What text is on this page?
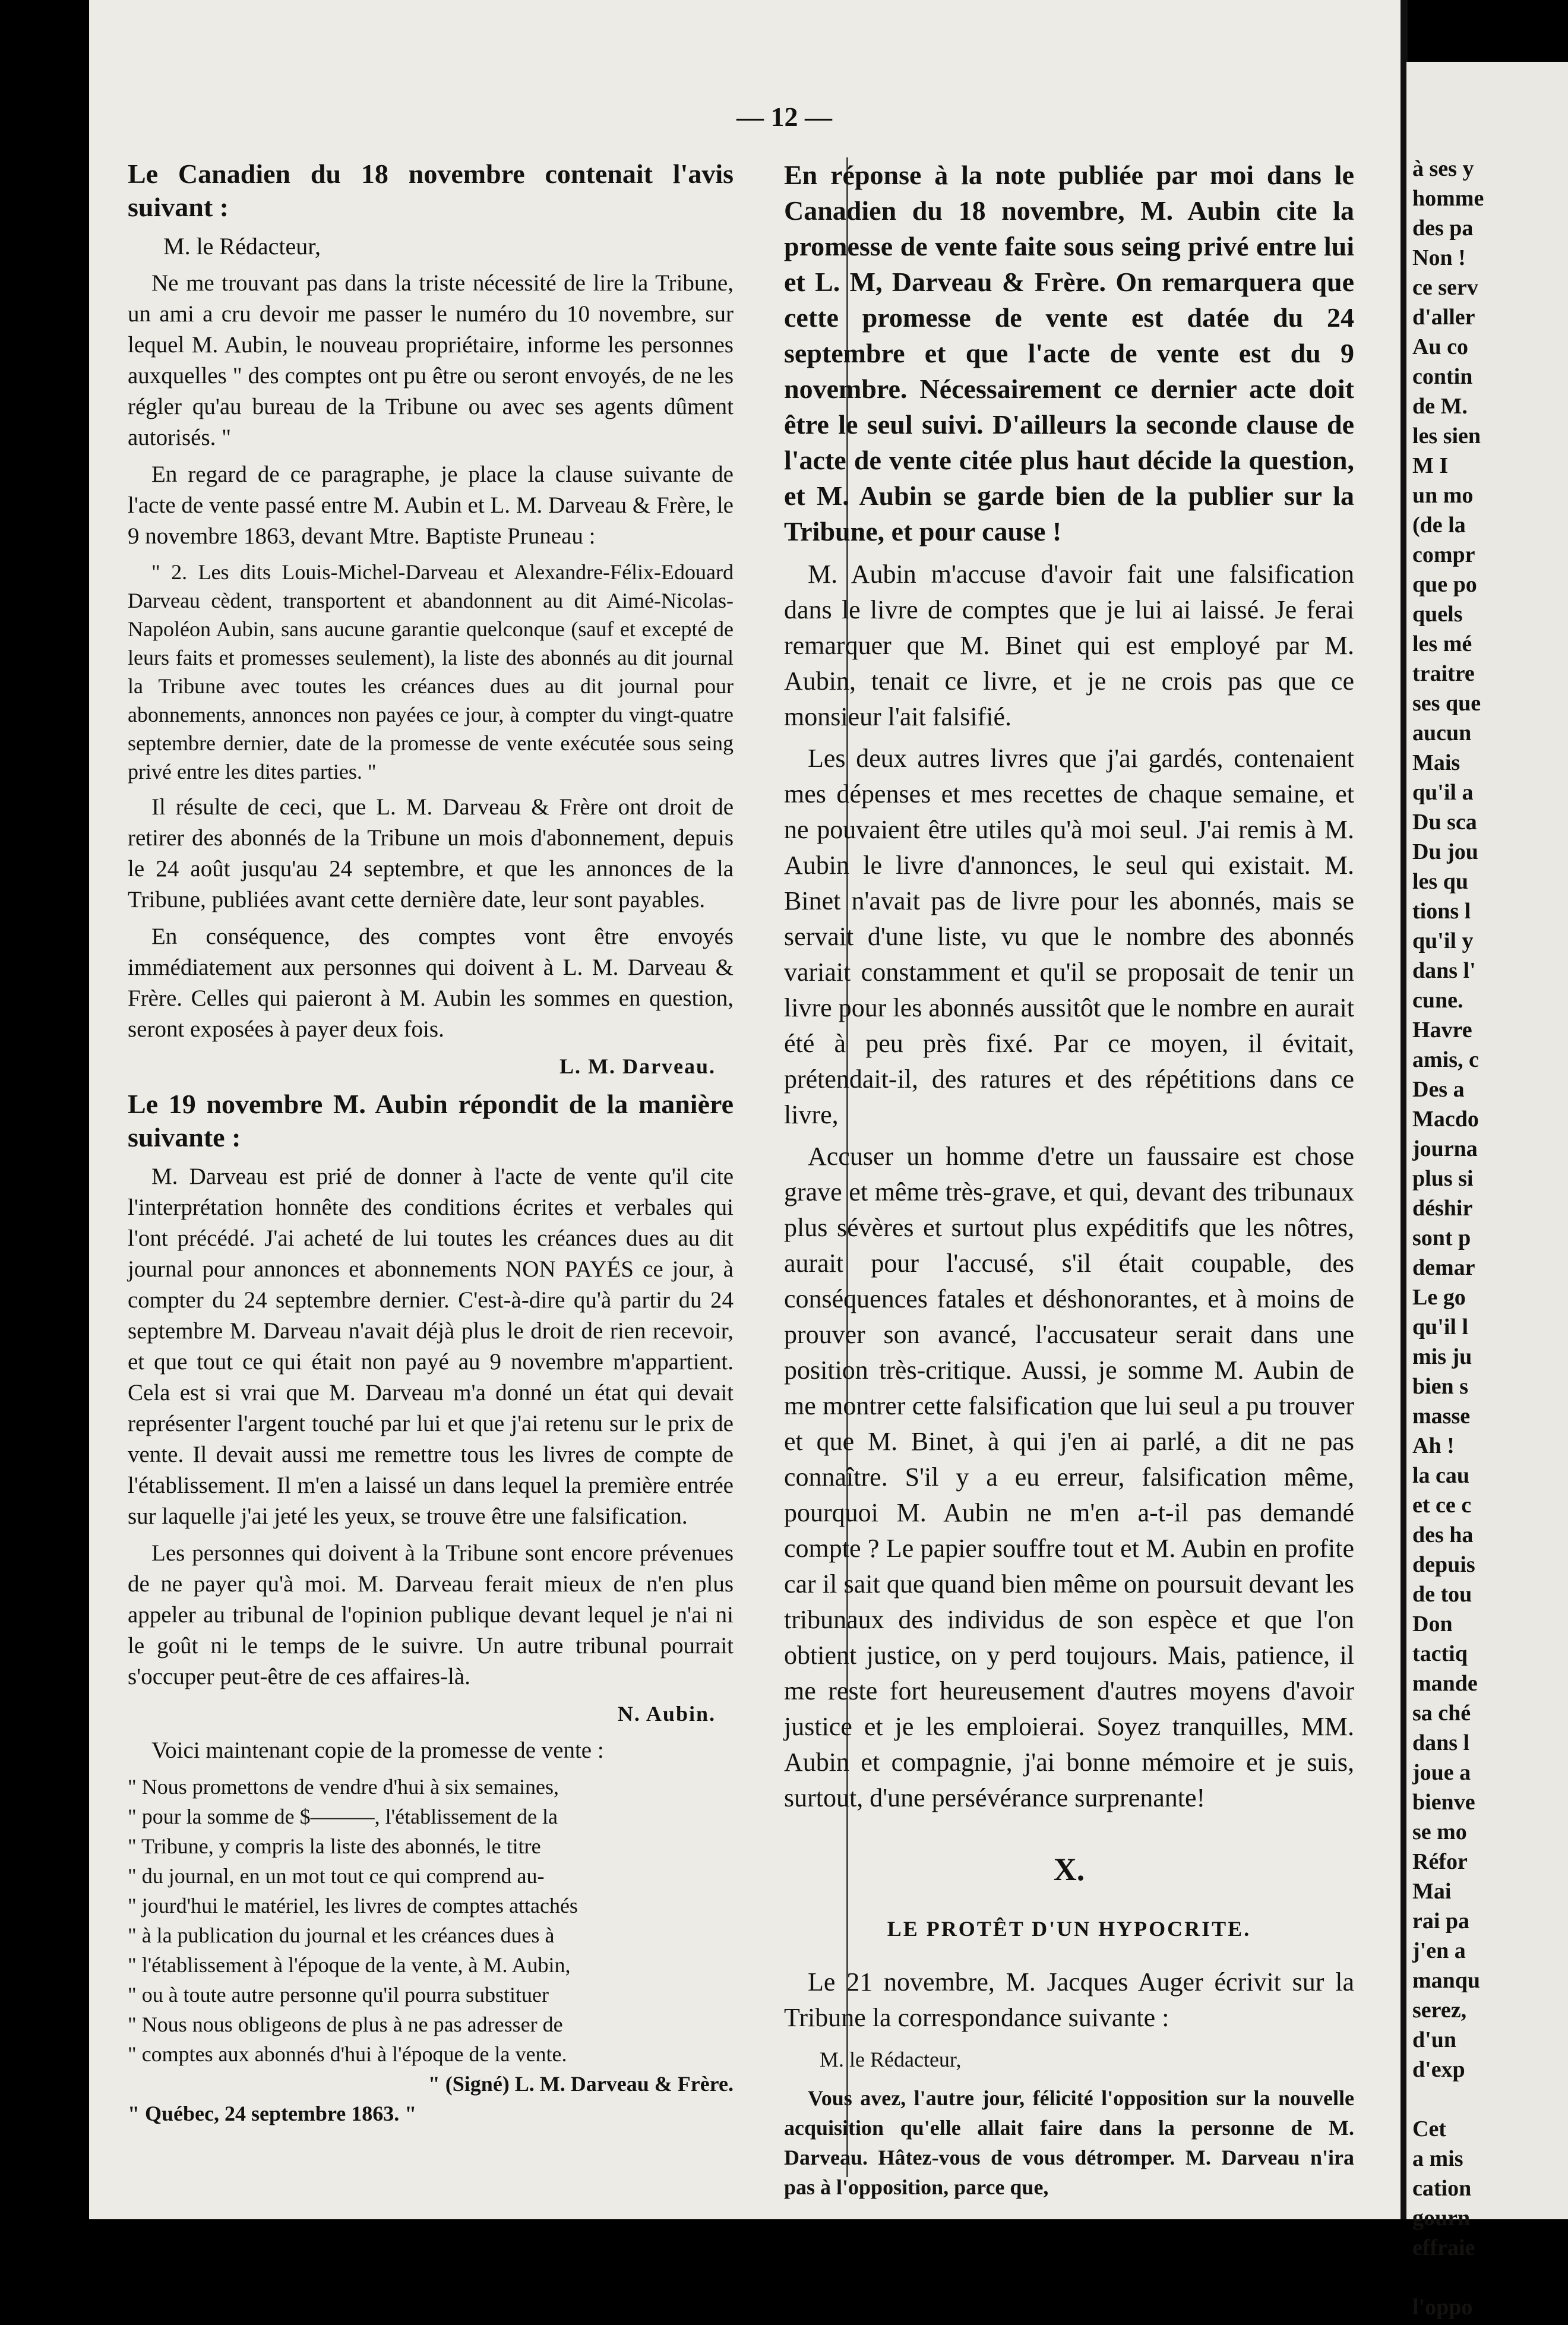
— 12 —

Le Canadien du 18 novembre contenait l'avis suivant :

M. le Rédacteur,

Ne me trouvant pas dans la triste nécessité de lire la Tribune, un ami a cru devoir me passer le numéro du 10 novembre, sur lequel M. Aubin, le nouveau propriétaire, informe les personnes auxquelles " des comptes ont pu être ou seront envoyés, de ne les régler qu'au bureau de la Tribune ou avec ses agents dûment autorisés. "

En regard de ce paragraphe, je place la clause suivante de l'acte de vente passé entre M. Aubin et L. M. Darveau & Frère, le 9 novembre 1863, devant Mtre. Baptiste Pruneau :

" 2. Les dits Louis-Michel-Darveau et Alexandre-Félix-Edouard Darveau cèdent, transportent et abandonnent au dit Aimé-Nicolas-Napoléon Aubin, sans aucune garantie quelconque (sauf et excepté de leurs faits et promesses seulement), la liste des abonnés au dit journal la Tribune avec toutes les créances dues au dit journal pour abonnements, annonces non payées ce jour, à compter du vingt-quatre septembre dernier, date de la promesse de vente exécutée sous seing privé entre les dites parties. "

Il résulte de ceci, que L. M. Darveau & Frère ont droit de retirer des abonnés de la Tribune un mois d'abonnement, depuis le 24 août jusqu'au 24 septembre, et que les annonces de la Tribune, publiées avant cette dernière date, leur sont payables.

En conséquence, des comptes vont être envoyés immédiatement aux personnes qui doivent à L. M. Darveau & Frère. Celles qui paieront à M. Aubin les sommes en question, seront exposées à payer deux fois.

L. M. Darveau.

Le 19 novembre M. Aubin répondit de la manière suivante :

M. Darveau est prié de donner à l'acte de vente qu'il cite l'interprétation honnête des conditions écrites et verbales qui l'ont précédé. J'ai acheté de lui toutes les créances dues au dit journal pour annonces et abonnements NON PAYÉS ce jour, à compter du 24 septembre dernier. C'est-à-dire qu'à partir du 24 septembre M. Darveau n'avait déjà plus le droit de rien recevoir, et que tout ce qui était non payé au 9 novembre m'appartient. Cela est si vrai que M. Darveau m'a donné un état qui devait représenter l'argent touché par lui et que j'ai retenu sur le prix de vente. Il devait aussi me remettre tous les livres de compte de l'établissement. Il m'en a laissé un dans lequel la première entrée sur laquelle j'ai jeté les yeux, se trouve être une falsification.

Les personnes qui doivent à la Tribune sont encore prévenues de ne payer qu'à moi. M. Darveau ferait mieux de n'en plus appeler au tribunal de l'opinion publique devant lequel je n'ai ni le goût ni le temps de le suivre. Un autre tribunal pourrait s'occuper peut-être de ces affaires-là.

N. Aubin.

Voici maintenant copie de la promesse de vente :

" Nous promettons de vendre d'hui à six semaines,

" pour la somme de $———, l'établissement de la

" Tribune, y compris la liste des abonnés, le titre

" du journal, en un mot tout ce qui comprend au-

" jourd'hui le matériel, les livres de comptes attachés

" à la publication du journal et les créances dues à

" l'établissement à l'époque de la vente, à M. Aubin,

" ou à toute autre personne qu'il pourra substituer

" Nous nous obligeons de plus à ne pas adresser de

" comptes aux abonnés d'hui à l'époque de la vente.

" (Signé) L. M. Darveau & Frère.

" Québec, 24 septembre 1863. "

En réponse à la note publiée par moi dans le Canadien du 18 novembre, M. Aubin cite la promesse de vente faite sous seing privé entre lui et L. M, Darveau & Frère. On remarquera que cette promesse de vente est datée du 24 septembre et que l'acte de vente est du 9 novembre. Nécessairement ce dernier acte doit être le seul suivi. D'ailleurs la seconde clause de l'acte de vente citée plus haut décide la question, et M. Aubin se garde bien de la publier sur la Tribune, et pour cause !

M. Aubin m'accuse d'avoir fait une falsification dans le livre de comptes que je lui ai laissé. Je ferai remarquer que M. Binet qui est employé par M. Aubin, tenait ce livre, et je ne crois pas que ce monsieur l'ait falsifié.

Les deux autres livres que j'ai gardés, contenaient mes dépenses et mes recettes de chaque semaine, et ne pouvaient être utiles qu'à moi seul. J'ai remis à M. Aubin le livre d'annonces, le seul qui existait. M. Binet n'avait pas de livre pour les abonnés, mais se servait d'une liste, vu que le nombre des abonnés variait constamment et qu'il se proposait de tenir un livre pour les abonnés aussitôt que le nombre en aurait été à peu près fixé. Par ce moyen, il évitait, prétendait-il, des ratures et des répétitions dans ce livre,

Accuser un homme d'etre un faussaire est chose grave et même très-grave, et qui, devant des tribunaux plus sévères et surtout plus expéditifs que les nôtres, aurait pour l'accusé, s'il était coupable, des conséquences fatales et déshonorantes, et à moins de prouver son avancé, l'accusateur serait dans une position très-critique. Aussi, je somme M. Aubin de me montrer cette falsification que lui seul a pu trouver et que M. Binet, à qui j'en ai parlé, a dit ne pas connaître. S'il y a eu erreur, falsification même, pourquoi M. Aubin ne m'en a-t-il pas demandé compte ? Le papier souffre tout et M. Aubin en profite car il sait que quand bien même on poursuit devant les tribunaux des individus de son espèce et que l'on obtient justice, on y perd toujours. Mais, patience, il me reste fort heureusement d'autres moyens d'avoir justice et je les emploierai. Soyez tranquilles, MM. Aubin et compagnie, j'ai bonne mémoire et je suis, surtout, d'une persévérance surprenante!

X.

LE PROTÊT D'UN HYPOCRITE.

Le 21 novembre, M. Jacques Auger écrivit sur la Tribune la correspondance suivante :

M. le Rédacteur,

Vous avez, l'autre jour, félicité l'opposition sur la nouvelle acquisition qu'elle allait faire dans la personne de M. Darveau. Hâtez-vous de vous détromper. M. Darveau n'ira pas à l'opposition, parce que,

à ses y
homme
des pa
Non !
ce serv
d'aller
Au co
contin
de M.
les sien
M I
un mo
(de la
compr
que po
quels
les mé
traitre
ses que
aucun
Mais
qu'il a
Du sca
Du jou
les qu
tions l
qu'il y
dans l'
cune.
Havre
amis, c
Des a
Macdo
journa
plus si
déshir
sont p
demar
Le go
qu'il l
mis ju
bien s
masse
Ah !
la cau
et ce c
des ha
depuis
de tou
Don
tactiq
mande
sa ché
dans l
joue a
bienve
se mo
Réfor
Mai
rai pa
j'en a
manqu
serez,
d'un
d'exp
Cet
a mis
cation
gourn
effraie
l'oppo
